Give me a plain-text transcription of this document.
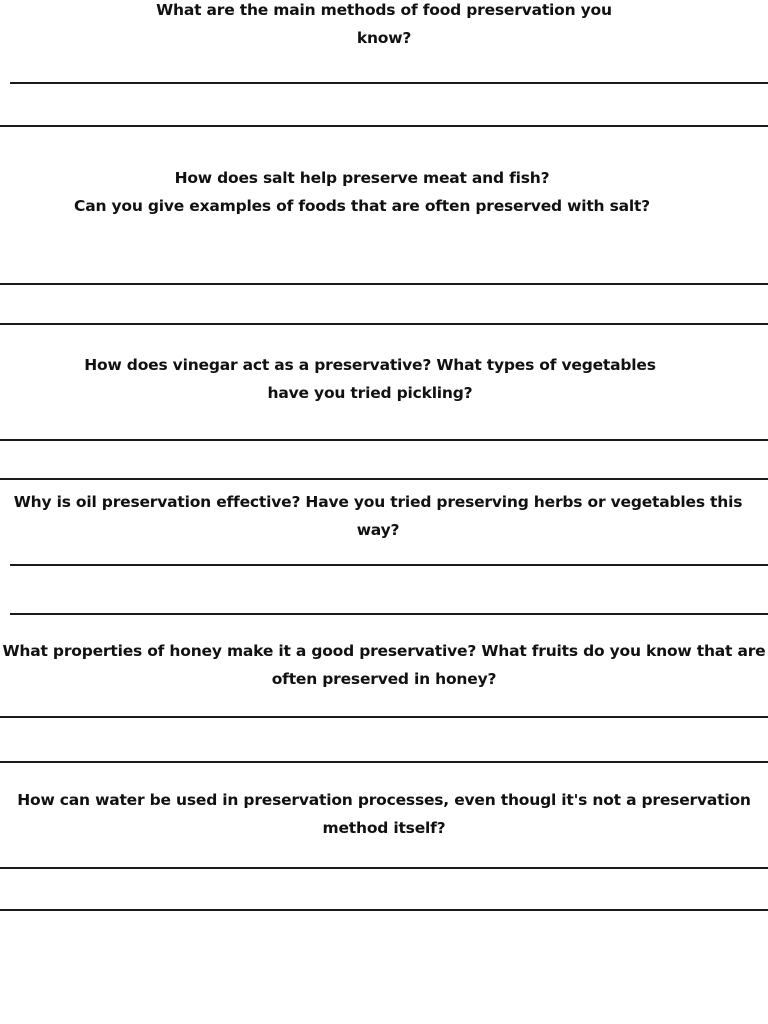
What are the main methods of food preservation you
know?
How does salt help preserve meat and fish?
Can you give examples of foods that are often preserved with salt?
How does vinegar act as a preservative? What types of vegetables
have you tried pickling?
Why is oil preservation effective? Have you tried preserving herbs or vegetables this
way?
What properties of honey make it a good preservative? What fruits do you know that are
often preserved in honey?
How can water be used in preservation processes, even thougl it's not a preservation
method itself?
